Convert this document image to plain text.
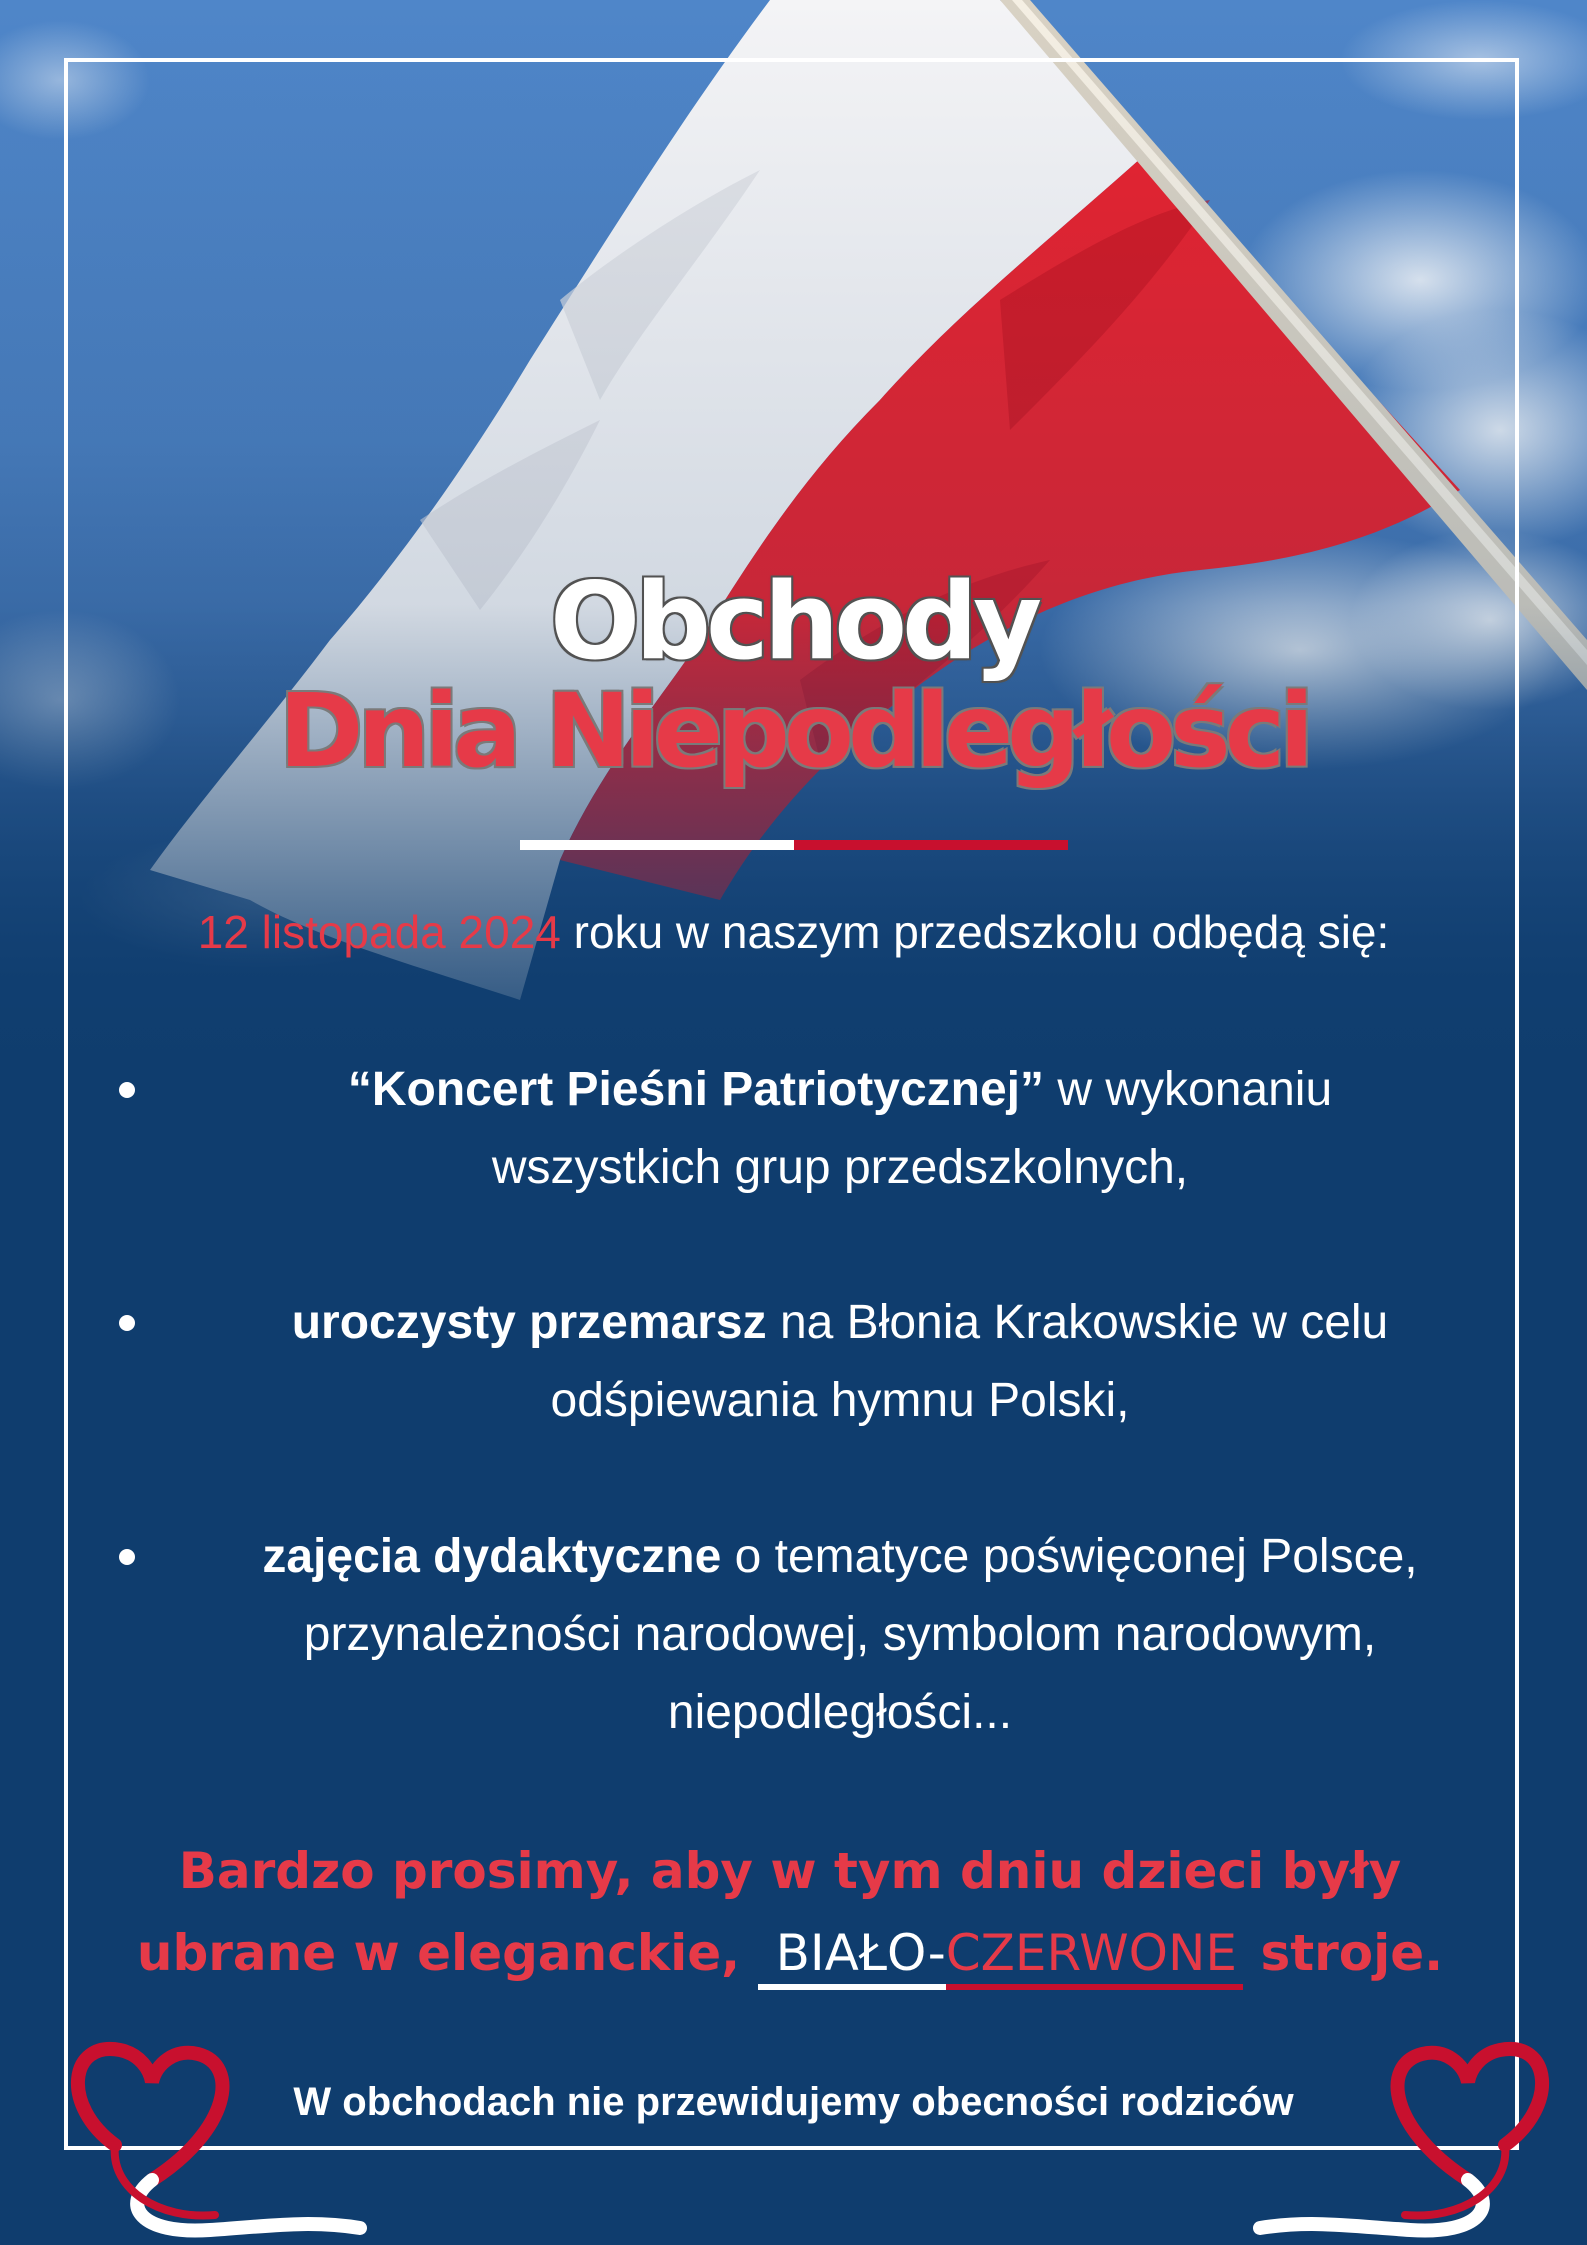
Obchody
Dnia Niepodległości
12 listopada 2024 roku w naszym przedszkolu odbędą się:
“Koncert Pieśni Patriotycznej” w wykonaniu
wszystkich grup przedszkolnych,
uroczysty przemarsz na Błonia Krakowskie w celu
odśpiewania hymnu Polski,
zajęcia dydaktyczne o tematyce poświęconej Polsce,
przynależności narodowej, symbolom narodowym,
niepodległości...
Bardzo prosimy, aby w tym dniu dzieci były
ubrane w eleganckie, BIAŁO-CZERWONE stroje.
W obchodach nie przewidujemy obecności rodziców
